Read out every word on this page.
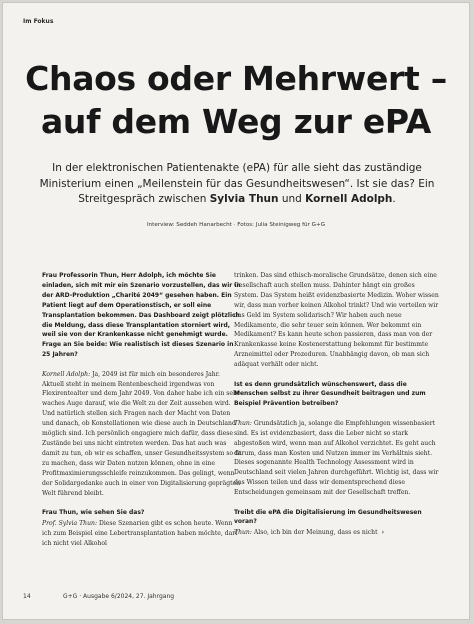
Im Fokus
Chaos oder Mehrwert –
auf dem Weg zur ePA

In der elektronischen Patientenakte (ePA) für alle sieht das zuständige Ministerium einen „Meilenstein für das Gesundheitswesen“. Ist sie das? Ein Streitgespräch zwischen Sylvia Thun und Kornell Adolph.

Interview: Seddeh Hanarbecht · Fotos: Julia Steinigweg für G+G

Frau Professorin Thun, Herr Adolph, ich möchte Sie einladen, sich mit mir ein Szenario vorzustellen, das wir in der ARD-Produktion „Charité 2049“ gesehen haben. Ein Patient liegt auf dem Operationstisch, er soll eine Transplantation bekommen. Das Dashboard zeigt plötzlich die Meldung, dass diese Transplantation storniert wird, weil sie von der Krankenkasse nicht genehmigt wurde. Frage an Sie beide: Wie realistisch ist dieses Szenario in 25 Jahren?

Kornell Adolph: Ja, 2049 ist für mich ein besonderes Jahr. Aktuell steht in meinem Rentenbescheid irgendwas von Flexirentealter und dem Jahr 2049. Von daher habe ich ein sehr waches Auge darauf, wie die Welt zu der Zeit aussehen wird. Und natürlich stellen sich Fragen nach der Macht von Daten und danach, ob Konstellationen wie diese auch in Deutschland möglich sind. Ich persönlich engagiere mich dafür, dass diese Zustände bei uns nicht eintreten werden. Das hat auch was damit zu tun, ob wir es schaffen, unser Gesundheitssystem so fit zu machen, dass wir Daten nutzen können, ohne in eine Profitmaximierungsschleife reinzukommen. Das gelingt, wenn der Solidargedanke auch in einer von Digitalisierung geprägten Welt führend bleibt.

Frau Thun, wie sehen Sie das?

Prof. Sylvia Thun: Diese Szenarien gibt es schon heute. Wenn ich zum Beispiel eine Lebertransplantation haben möchte, darf ich nicht viel Alkohol

trinken. Das sind ethisch-moralische Grundsätze, denen sich eine Gesellschaft auch stellen muss. Dahinter hängt ein großes System. Das System heißt evidenzbasierte Medizin. Woher wissen wir, dass man vorher keinen Alkohol trinkt? Und wie verteilen wir das Geld im System solidarisch? Wir haben auch neue Medikamente, die sehr teuer sein können. Wer bekommt ein Medikament? Es kann heute schon passieren, dass man von der Krankenkasse keine Kostenerstattung bekommt für bestimmte Arzneimittel oder Prozeduren. Unabhängig davon, ob man sich adäquat verhält oder nicht.

Ist es denn grundsätzlich wünschenswert, dass die Menschen selbst zu ihrer Gesundheit beitragen und zum Beispiel Prävention betreiben?

Thun: Grundsätzlich ja, solange die Empfehlungen wissenbasiert sind. Es ist evidenzbasiert, dass die Leber nicht so stark abgestoßen wird, wenn man auf Alkohol verzichtet. Es geht auch darum, dass man Kosten und Nutzen immer im Verhältnis sieht. Dieses sogenannte Health Technology Assessment wird in Deutschland seit vielen Jahren durchgeführt. Wichtig ist, dass wir das Wissen teilen und dass wir dementsprechend diese Entscheidungen gemeinsam mit der Gesellschaft treffen.

Treibt die ePA die Digitalisierung im Gesundheitswesen voran?

Thun: Also, ich bin der Meinung, dass es nicht ›

14	G+G · Ausgabe 6/2024, 27. Jahrgang
